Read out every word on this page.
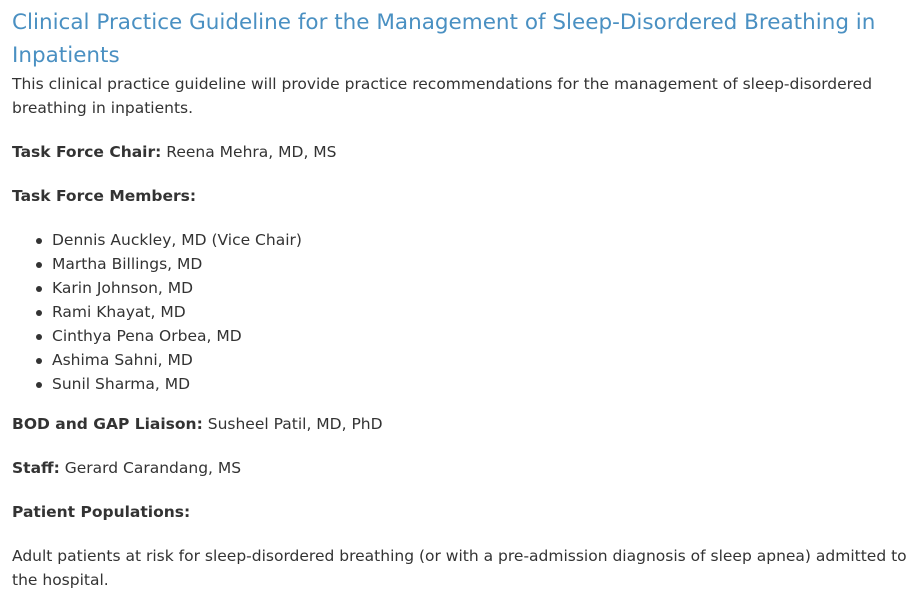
Clinical Practice Guideline for the Management of Sleep-Disordered Breathing in Inpatients

This clinical practice guideline will provide practice recommendations for the management of sleep-disordered breathing in inpatients.

Task Force Chair: Reena Mehra, MD, MS

Task Force Members:

Dennis Auckley, MD (Vice Chair)
Martha Billings, MD
Karin Johnson, MD
Rami Khayat, MD
Cinthya Pena Orbea, MD
Ashima Sahni, MD
Sunil Sharma, MD

BOD and GAP Liaison: Susheel Patil, MD, PhD

Staff: Gerard Carandang, MS

Patient Populations:

Adult patients at risk for sleep-disordered breathing (or with a pre-admission diagnosis of sleep apnea) admitted to the hospital.
